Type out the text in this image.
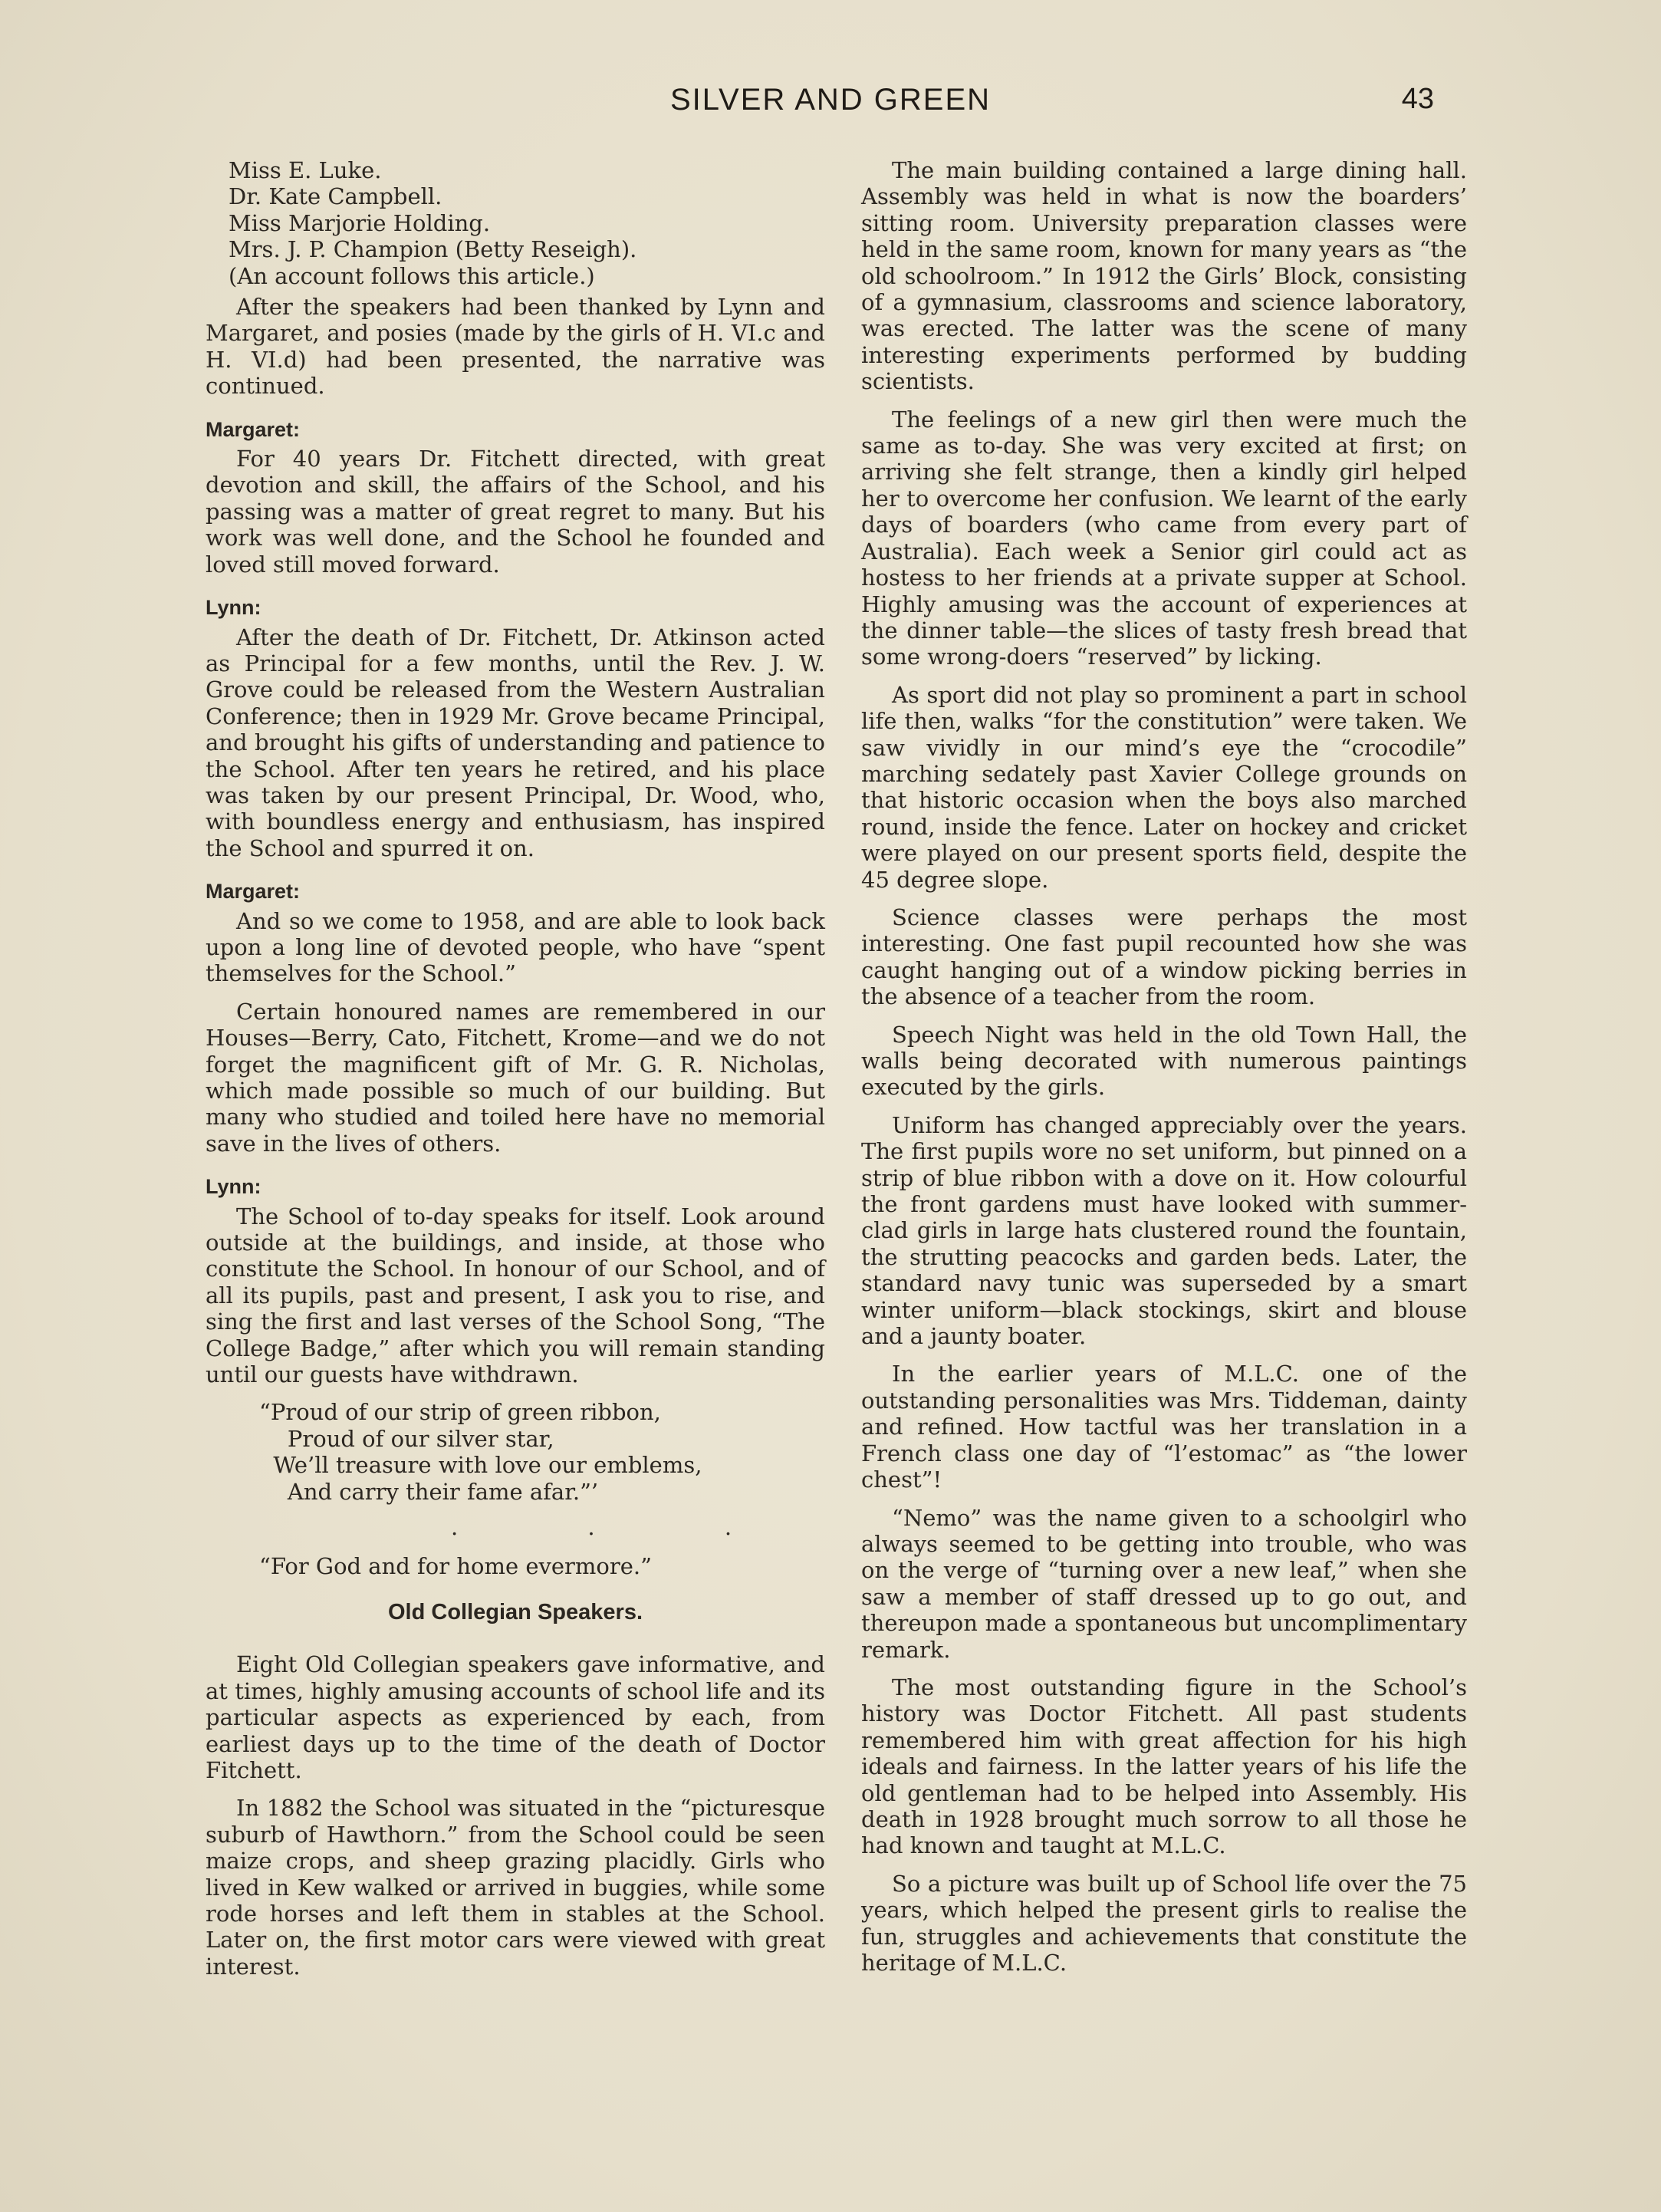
SILVER AND GREEN	43
Miss E. Luke.
Dr. Kate Campbell.
Miss Marjorie Holding.
Mrs. J. P. Champion (Betty Reseigh).
(An account follows this article.)

After the speakers had been thanked by Lynn and Margaret, and posies (made by the girls of H. VI.c and H. VI.d) had been presented, the narrative was continued.

Margaret:

For 40 years Dr. Fitchett directed, with great devotion and skill, the affairs of the School, and his passing was a matter of great regret to many. But his work was well done, and the School he founded and loved still moved forward.

Lynn:

After the death of Dr. Fitchett, Dr. Atkinson acted as Principal for a few months, until the Rev. J. W. Grove could be released from the Western Australian Conference; then in 1929 Mr. Grove became Principal, and brought his gifts of understanding and patience to the School. After ten years he retired, and his place was taken by our present Principal, Dr. Wood, who, with boundless energy and enthusiasm, has inspired the School and spurred it on.

Margaret:

And so we come to 1958, and are able to look back upon a long line of devoted people, who have “spent themselves for the School.”

Certain honoured names are remembered in our Houses—Berry, Cato, Fitchett, Krome—and we do not forget the magnificent gift of Mr. G. R. Nicholas, which made possible so much of our building. But many who studied and toiled here have no memorial save in the lives of others.

Lynn:

The School of to-day speaks for itself. Look around outside at the buildings, and inside, at those who constitute the School. In honour of our School, and of all its pupils, past and present, I ask you to rise, and sing the first and last verses of the School Song, “The College Badge,” after which you will remain standing until our guests have withdrawn.

“Proud of our strip of green ribbon,
Proud of our silver star,
We’ll treasure with love our emblems,
And carry their fame afar.”’
. . .
“For God and for home evermore.”
Old Collegian Speakers.

Eight Old Collegian speakers gave informative, and at times, highly amusing accounts of school life and its particular aspects as experienced by each, from earliest days up to the time of the death of Doctor Fitchett.

In 1882 the School was situated in the “picturesque suburb of Hawthorn.” from the School could be seen maize crops, and sheep grazing placidly. Girls who lived in Kew walked or arrived in buggies, while some rode horses and left them in stables at the School. Later on, the first motor cars were viewed with great interest.

The main building contained a large dining hall. Assembly was held in what is now the boarders’ sitting room. University preparation classes were held in the same room, known for many years as “the old schoolroom.” In 1912 the Girls’ Block, consisting of a gymnasium, classrooms and science laboratory, was erected. The latter was the scene of many interesting experiments performed by budding scientists.

The feelings of a new girl then were much the same as to-day. She was very excited at first; on arriving she felt strange, then a kindly girl helped her to overcome her confusion. We learnt of the early days of boarders (who came from every part of Australia). Each week a Senior girl could act as hostess to her friends at a private supper at School. Highly amusing was the account of experiences at the dinner table—the slices of tasty fresh bread that some wrong-doers “reserved” by licking.

As sport did not play so prominent a part in school life then, walks “for the constitution” were taken. We saw vividly in our mind’s eye the “crocodile” marching sedately past Xavier College grounds on that historic occasion when the boys also marched round, inside the fence. Later on hockey and cricket were played on our present sports field, despite the 45 degree slope.

Science classes were perhaps the most interesting. One fast pupil recounted how she was caught hanging out of a window picking berries in the absence of a teacher from the room.

Speech Night was held in the old Town Hall, the walls being decorated with numerous paintings executed by the girls.

Uniform has changed appreciably over the years. The first pupils wore no set uniform, but pinned on a strip of blue ribbon with a dove on it. How colourful the front gardens must have looked with summer-clad girls in large hats clustered round the fountain, the strutting peacocks and garden beds. Later, the standard navy tunic was superseded by a smart winter uniform—black stockings, skirt and blouse and a jaunty boater.

In the earlier years of M.L.C. one of the outstanding personalities was Mrs. Tiddeman, dainty and refined. How tactful was her translation in a French class one day of “l’estomac” as “the lower chest”!

“Nemo” was the name given to a schoolgirl who always seemed to be getting into trouble, who was on the verge of “turning over a new leaf,” when she saw a member of staff dressed up to go out, and thereupon made a spontaneous but uncomplimentary remark.

The most outstanding figure in the School’s history was Doctor Fitchett. All past students remembered him with great affection for his high ideals and fairness. In the latter years of his life the old gentleman had to be helped into Assembly. His death in 1928 brought much sorrow to all those he had known and taught at M.L.C.

So a picture was built up of School life over the 75 years, which helped the present girls to realise the fun, struggles and achievements that constitute the heritage of M.L.C.
